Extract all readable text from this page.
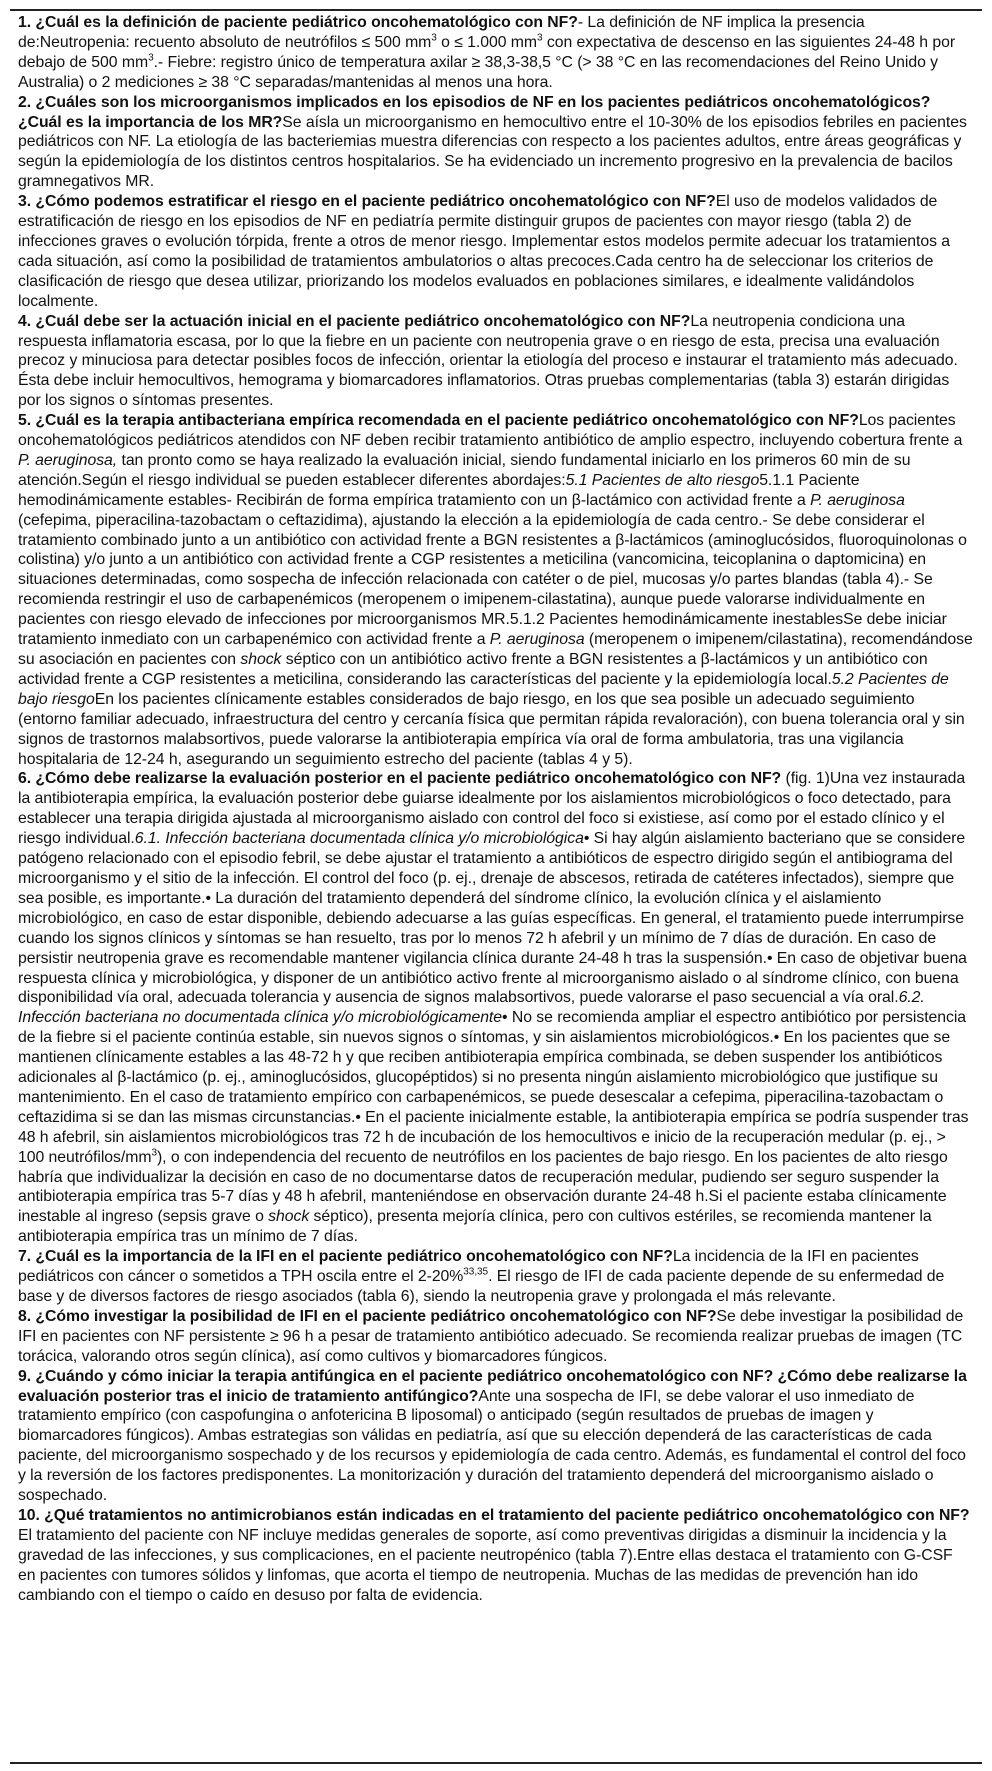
1. ¿Cuál es la definición de paciente pediátrico oncohematológico con NF?- La definición de NF implica la presencia de:Neutropenia: recuento absoluto de neutrófilos ≤ 500 $mm^3$ o ≤ 1.000 $mm^3$ con expectativa de descenso en las siguientes 24-48 h por debajo de 500 $mm^3.-$ Fiebre: registro único de temperatura axilar ≥ 38,3-38,5 °C (> 38 °C en las recomendaciones del Reino Unido y Australia) o 2 mediciones ≥ 38 °C separadas/mantenidas al menos una hora.

2. ¿Cuáles son los microorganismos implicados en los episodios de NF en los pacientes pediátricos oncohematológicos? ¿Cuál es la importancia de los MR?Se aísla un microorganismo en hemocultivo entre el 10-30% de los episodios febriles en pacientes pediátricos con NF. La etiología de las bacteriemias muestra diferencias con respecto a los pacientes adultos, entre áreas geográficas y según la epidemiología de los distintos centros hospitalarios. Se ha evidenciado un incremento progresivo en la prevalencia de bacilos gramnegativos MR.

3. ¿Cómo podemos estratificar el riesgo en el paciente pediátrico oncohematológico con NF?El uso de modelos validados de estratificación de riesgo en los episodios de NF en pediatría permite distinguir grupos de pacientes con mayor riesgo (tabla 2) de infecciones graves o evolución tórpida, frente a otros de menor riesgo. Implementar estos modelos permite adecuar los tratamientos a cada situación, así como la posibilidad de tratamientos ambulatorios o altas precoces.Cada centro ha de seleccionar los criterios de clasificación de riesgo que desea utilizar, priorizando los modelos evaluados en poblaciones similares, e idealmente validándolos localmente.

4. ¿Cuál debe ser la actuación inicial en el paciente pediátrico oncohematológico con NF?La neutropenia condiciona una respuesta inflamatoria escasa, por lo que la fiebre en un paciente con neutropenia grave o en riesgo de esta, precisa una evaluación precoz y minuciosa para detectar posibles focos de infección, orientar la etiología del proceso e instaurar el tratamiento más adecuado. Ésta debe incluir hemocultivos, hemograma y biomarcadores inflamatorios. Otras pruebas complementarias (tabla 3) estarán dirigidas por los signos o síntomas presentes.

5. ¿Cuál es la terapia antibacteriana empírica recomendada en el paciente pediátrico oncohematológico con NF?Los pacientes oncohematológicos pediátricos atendidos con NF deben recibir tratamiento antibiótico de amplio espectro, incluyendo cobertura frente a P. aeruginosa, tan pronto como se haya realizado la evaluación inicial, siendo fundamental iniciarlo en los primeros 60 min de su atención.Según el riesgo individual se pueden establecer diferentes abordajes:5.1 Pacientes de alto riesgo5.1.1 Paciente hemodinámicamente estables- Recibirán de forma empírica tratamiento con un β-lactámico con actividad frente a P. aeruginosa (cefepima, piperacilina-tazobactam o ceftazidima), ajustando la elección a la epidemiología de cada centro.- Se debe considerar el tratamiento combinado junto a un antibiótico con actividad frente a BGN resistentes a β-lactámicos (aminoglucósidos, fluoroquinolonas o colistina) y/o junto a un antibiótico con actividad frente a CGP resistentes a meticilina (vancomicina, teicoplanina o daptomicina) en situaciones determinadas, como sospecha de infección relacionada con catéter o de piel, mucosas y/o partes blandas (tabla 4).- Se recomienda restringir el uso de carbapenémicos (meropenem o imipenem-cilastatina), aunque puede valorarse individualmente en pacientes con riesgo elevado de infecciones por microorganismos MR.5.1.2 Pacientes hemodinámicamente inestablesSe debe iniciar tratamiento inmediato con un carbapenémico con actividad frente a P. aeruginosa (meropenem o imipenem/cilastatina), recomendándose su asociación en pacientes con shock séptico con un antibiótico activo frente a BGN resistentes a β-lactámicos y un antibiótico con actividad frente a CGP resistentes a meticilina, considerando las características del paciente y la epidemiología local.5.2 Pacientes de bajo riesgoEn los pacientes clínicamente estables considerados de bajo riesgo, en los que sea posible un adecuado seguimiento (entorno familiar adecuado, infraestructura del centro y cercanía física que permitan rápida revaloración), con buena tolerancia oral y sin signos de trastornos malabsortivos, puede valorarse la antibioterapia empírica vía oral de forma ambulatoria, tras una vigilancia hospitalaria de 12-24 h, asegurando un seguimiento estrecho del paciente (tablas 4 y 5).

6. ¿Cómo debe realizarse la evaluación posterior en el paciente pediátrico oncohematológico con NF? (fig. 1)Una vez instaurada la antibioterapia empírica, la evaluación posterior debe guiarse idealmente por los aislamientos microbiológicos o foco detectado, para establecer una terapia dirigida ajustada al microorganismo aislado con control del foco si existiese, así como por el estado clínico y el riesgo individual.6.1. Infección bacteriana documentada clínica y/o microbiológica• Si hay algún aislamiento bacteriano que se considere patógeno relacionado con el episodio febril, se debe ajustar el tratamiento a antibióticos de espectro dirigido según el antibiograma del microorganismo y el sitio de la infección. El control del foco (p. ej., drenaje de abscesos, retirada de catéteres infectados), siempre que sea posible, es importante.• La duración del tratamiento dependerá del síndrome clínico, la evolución clínica y el aislamiento microbiológico, en caso de estar disponible, debiendo adecuarse a las guías específicas. En general, el tratamiento puede interrumpirse cuando los signos clínicos y síntomas se han resuelto, tras por lo menos 72 h afebril y un mínimo de 7 días de duración. En caso de persistir neutropenia grave es recomendable mantener vigilancia clínica durante 24-48 h tras la suspensión.• En caso de objetivar buena respuesta clínica y microbiológica, y disponer de un antibiótico activo frente al microorganismo aislado o al síndrome clínico, con buena disponibilidad vía oral, adecuada tolerancia y ausencia de signos malabsortivos, puede valorarse el paso secuencial a vía oral.6.2. Infección bacteriana no documentada clínica y/o microbiológicamente• No se recomienda ampliar el espectro antibiótico por persistencia de la fiebre si el paciente continúa estable, sin nuevos signos o síntomas, y sin aislamientos microbiológicos.• En los pacientes que se mantienen clínicamente estables a las 48-72 h y que reciben antibioterapia empírica combinada, se deben suspender los antibióticos adicionales al β-lactámico (p. ej., aminoglucósidos, glucopéptidos) si no presenta ningún aislamiento microbiológico que justifique su mantenimiento. En el caso de tratamiento empírico con carbapenémicos, se puede desescalar a cefepima, piperacilina-tazobactam o ceftazidima si se dan las mismas circunstancias.• En el paciente inicialmente estable, la antibioterapia empírica se podría suspender tras 48 h afebril, sin aislamientos microbiológicos tras 72 h de incubación de los hemocultivos e inicio de la recuperación medular (p. ej., > 100 neutrófilos/$mm^3$), o con independencia del recuento de neutrófilos en los pacientes de bajo riesgo. En los pacientes de alto riesgo habría que individualizar la decisión en caso de no documentarse datos de recuperación medular, pudiendo ser seguro suspender la antibioterapia empírica tras 5-7 días y 48 h afebril, manteniéndose en observación durante 24-48 h.Si el paciente estaba clínicamente inestable al ingreso (sepsis grave o shock séptico), presenta mejoría clínica, pero con cultivos estériles, se recomienda mantener la antibioterapia empírica tras un mínimo de 7 días.

7. ¿Cuál es la importancia de la IFI en el paciente pediátrico oncohematológico con NF?La incidencia de la IFI en pacientes pediátricos con cáncer o sometidos a TPH oscila entre el 2-20%$^{33,35}$. El riesgo de IFI de cada paciente depende de su enfermedad de base y de diversos factores de riesgo asociados (tabla 6), siendo la neutropenia grave y prolongada el más relevante.

8. ¿Cómo investigar la posibilidad de IFI en el paciente pediátrico oncohematológico con NF?Se debe investigar la posibilidad de IFI en pacientes con NF persistente ≥ 96 h a pesar de tratamiento antibiótico adecuado. Se recomienda realizar pruebas de imagen (TC torácica, valorando otros según clínica), así como cultivos y biomarcadores fúngicos.

9. ¿Cuándo y cómo iniciar la terapia antifúngica en el paciente pediátrico oncohematológico con NF? ¿Cómo debe realizarse la evaluación posterior tras el inicio de tratamiento antifúngico?Ante una sospecha de IFI, se debe valorar el uso inmediato de tratamiento empírico (con caspofungina o anfotericina B liposomal) o anticipado (según resultados de pruebas de imagen y biomarcadores fúngicos). Ambas estrategias son válidas en pediatría, así que su elección dependerá de las características de cada paciente, del microorganismo sospechado y de los recursos y epidemiología de cada centro. Además, es fundamental el control del foco y la reversión de los factores predisponentes. La monitorización y duración del tratamiento dependerá del microorganismo aislado o sospechado.

10. ¿Qué tratamientos no antimicrobianos están indicadas en el tratamiento del paciente pediátrico oncohematológico con NF?El tratamiento del paciente con NF incluye medidas generales de soporte, así como preventivas dirigidas a disminuir la incidencia y la gravedad de las infecciones, y sus complicaciones, en el paciente neutropénico (tabla 7).Entre ellas destaca el tratamiento con G-CSF en pacientes con tumores sólidos y linfomas, que acorta el tiempo de neutropenia. Muchas de las medidas de prevención han ido cambiando con el tiempo o caído en desuso por falta de evidencia.
